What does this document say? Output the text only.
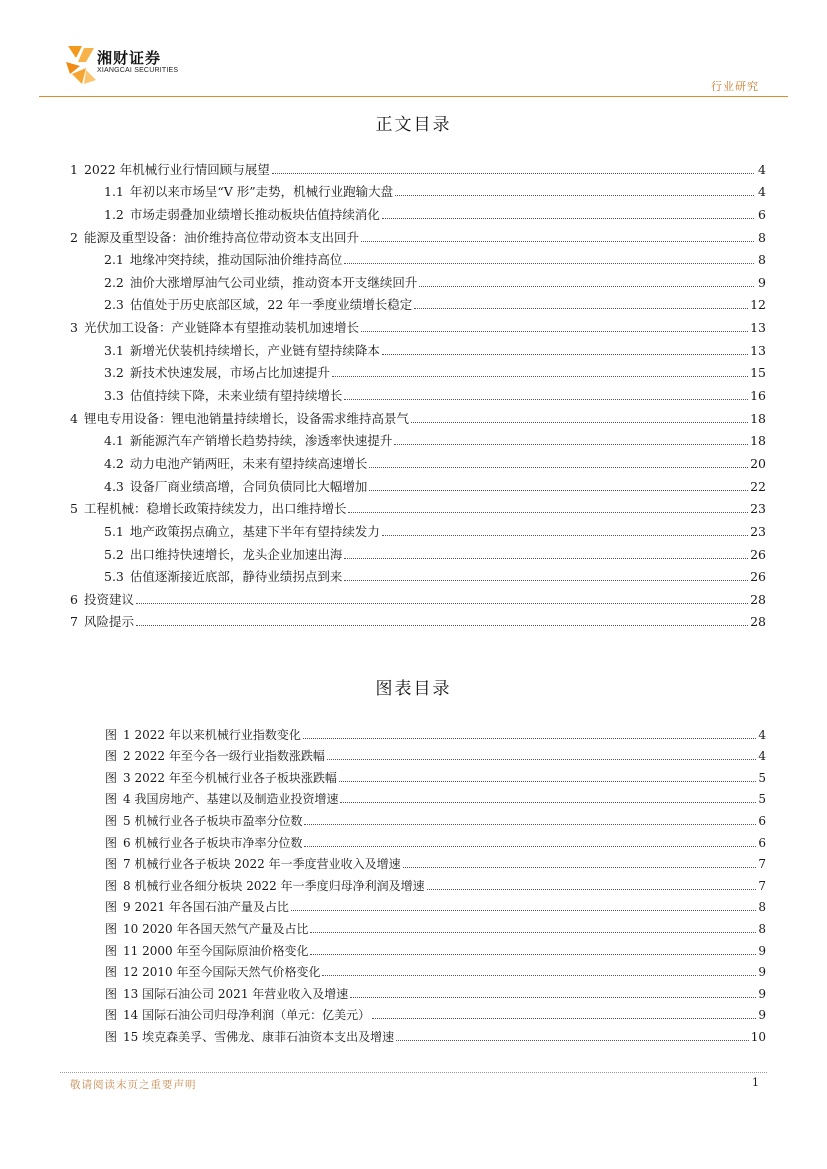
湘财证券
XIANGCAI SECURITIES
行业研究
正文目录
1 2022 年机械行业行情回顾与展望	4
1.1 年初以来市场呈“V 形”走势，机械行业跑输大盘	4
1.2 市场走弱叠加业绩增长推动板块估值持续消化	6
2 能源及重型设备：油价维持高位带动资本支出回升	8
2.1 地缘冲突持续，推动国际油价维持高位	8
2.2 油价大涨增厚油气公司业绩，推动资本开支继续回升	9
2.3 估值处于历史底部区域，22 年一季度业绩增长稳定	12
3 光伏加工设备：产业链降本有望推动装机加速增长	13
3.1 新增光伏装机持续增长，产业链有望持续降本	13
3.2 新技术快速发展，市场占比加速提升	15
3.3 估值持续下降，未来业绩有望持续增长	16
4 锂电专用设备：锂电池销量持续增长，设备需求维持高景气	18
4.1 新能源汽车产销增长趋势持续，渗透率快速提升	18
4.2 动力电池产销两旺，未来有望持续高速增长	20
4.3 设备厂商业绩高增，合同负债同比大幅增加	22
5 工程机械：稳增长政策持续发力，出口维持增长	23
5.1 地产政策拐点确立，基建下半年有望持续发力	23
5.2 出口维持快速增长，龙头企业加速出海	26
5.3 估值逐渐接近底部，静待业绩拐点到来	26
6 投资建议	28
7 风险提示	28
图表目录
图 1 2022 年以来机械行业指数变化	4
图 2 2022 年至今各一级行业指数涨跌幅	4
图 3 2022 年至今机械行业各子板块涨跌幅	5
图 4 我国房地产、基建以及制造业投资增速	5
图 5 机械行业各子板块市盈率分位数	6
图 6 机械行业各子板块市净率分位数	6
图 7 机械行业各子板块 2022 年一季度营业收入及增速	7
图 8 机械行业各细分板块 2022 年一季度归母净利润及增速	7
图 9 2021 年各国石油产量及占比	8
图 10 2020 年各国天然气产量及占比	8
图 11 2000 年至今国际原油价格变化	9
图 12 2010 年至今国际天然气价格变化	9
图 13 国际石油公司 2021 年营业收入及增速	9
图 14 国际石油公司归母净利润（单元：亿美元）	9
图 15 埃克森美孚、雪佛龙、康菲石油资本支出及增速	10
敬请阅读末页之重要声明	1
